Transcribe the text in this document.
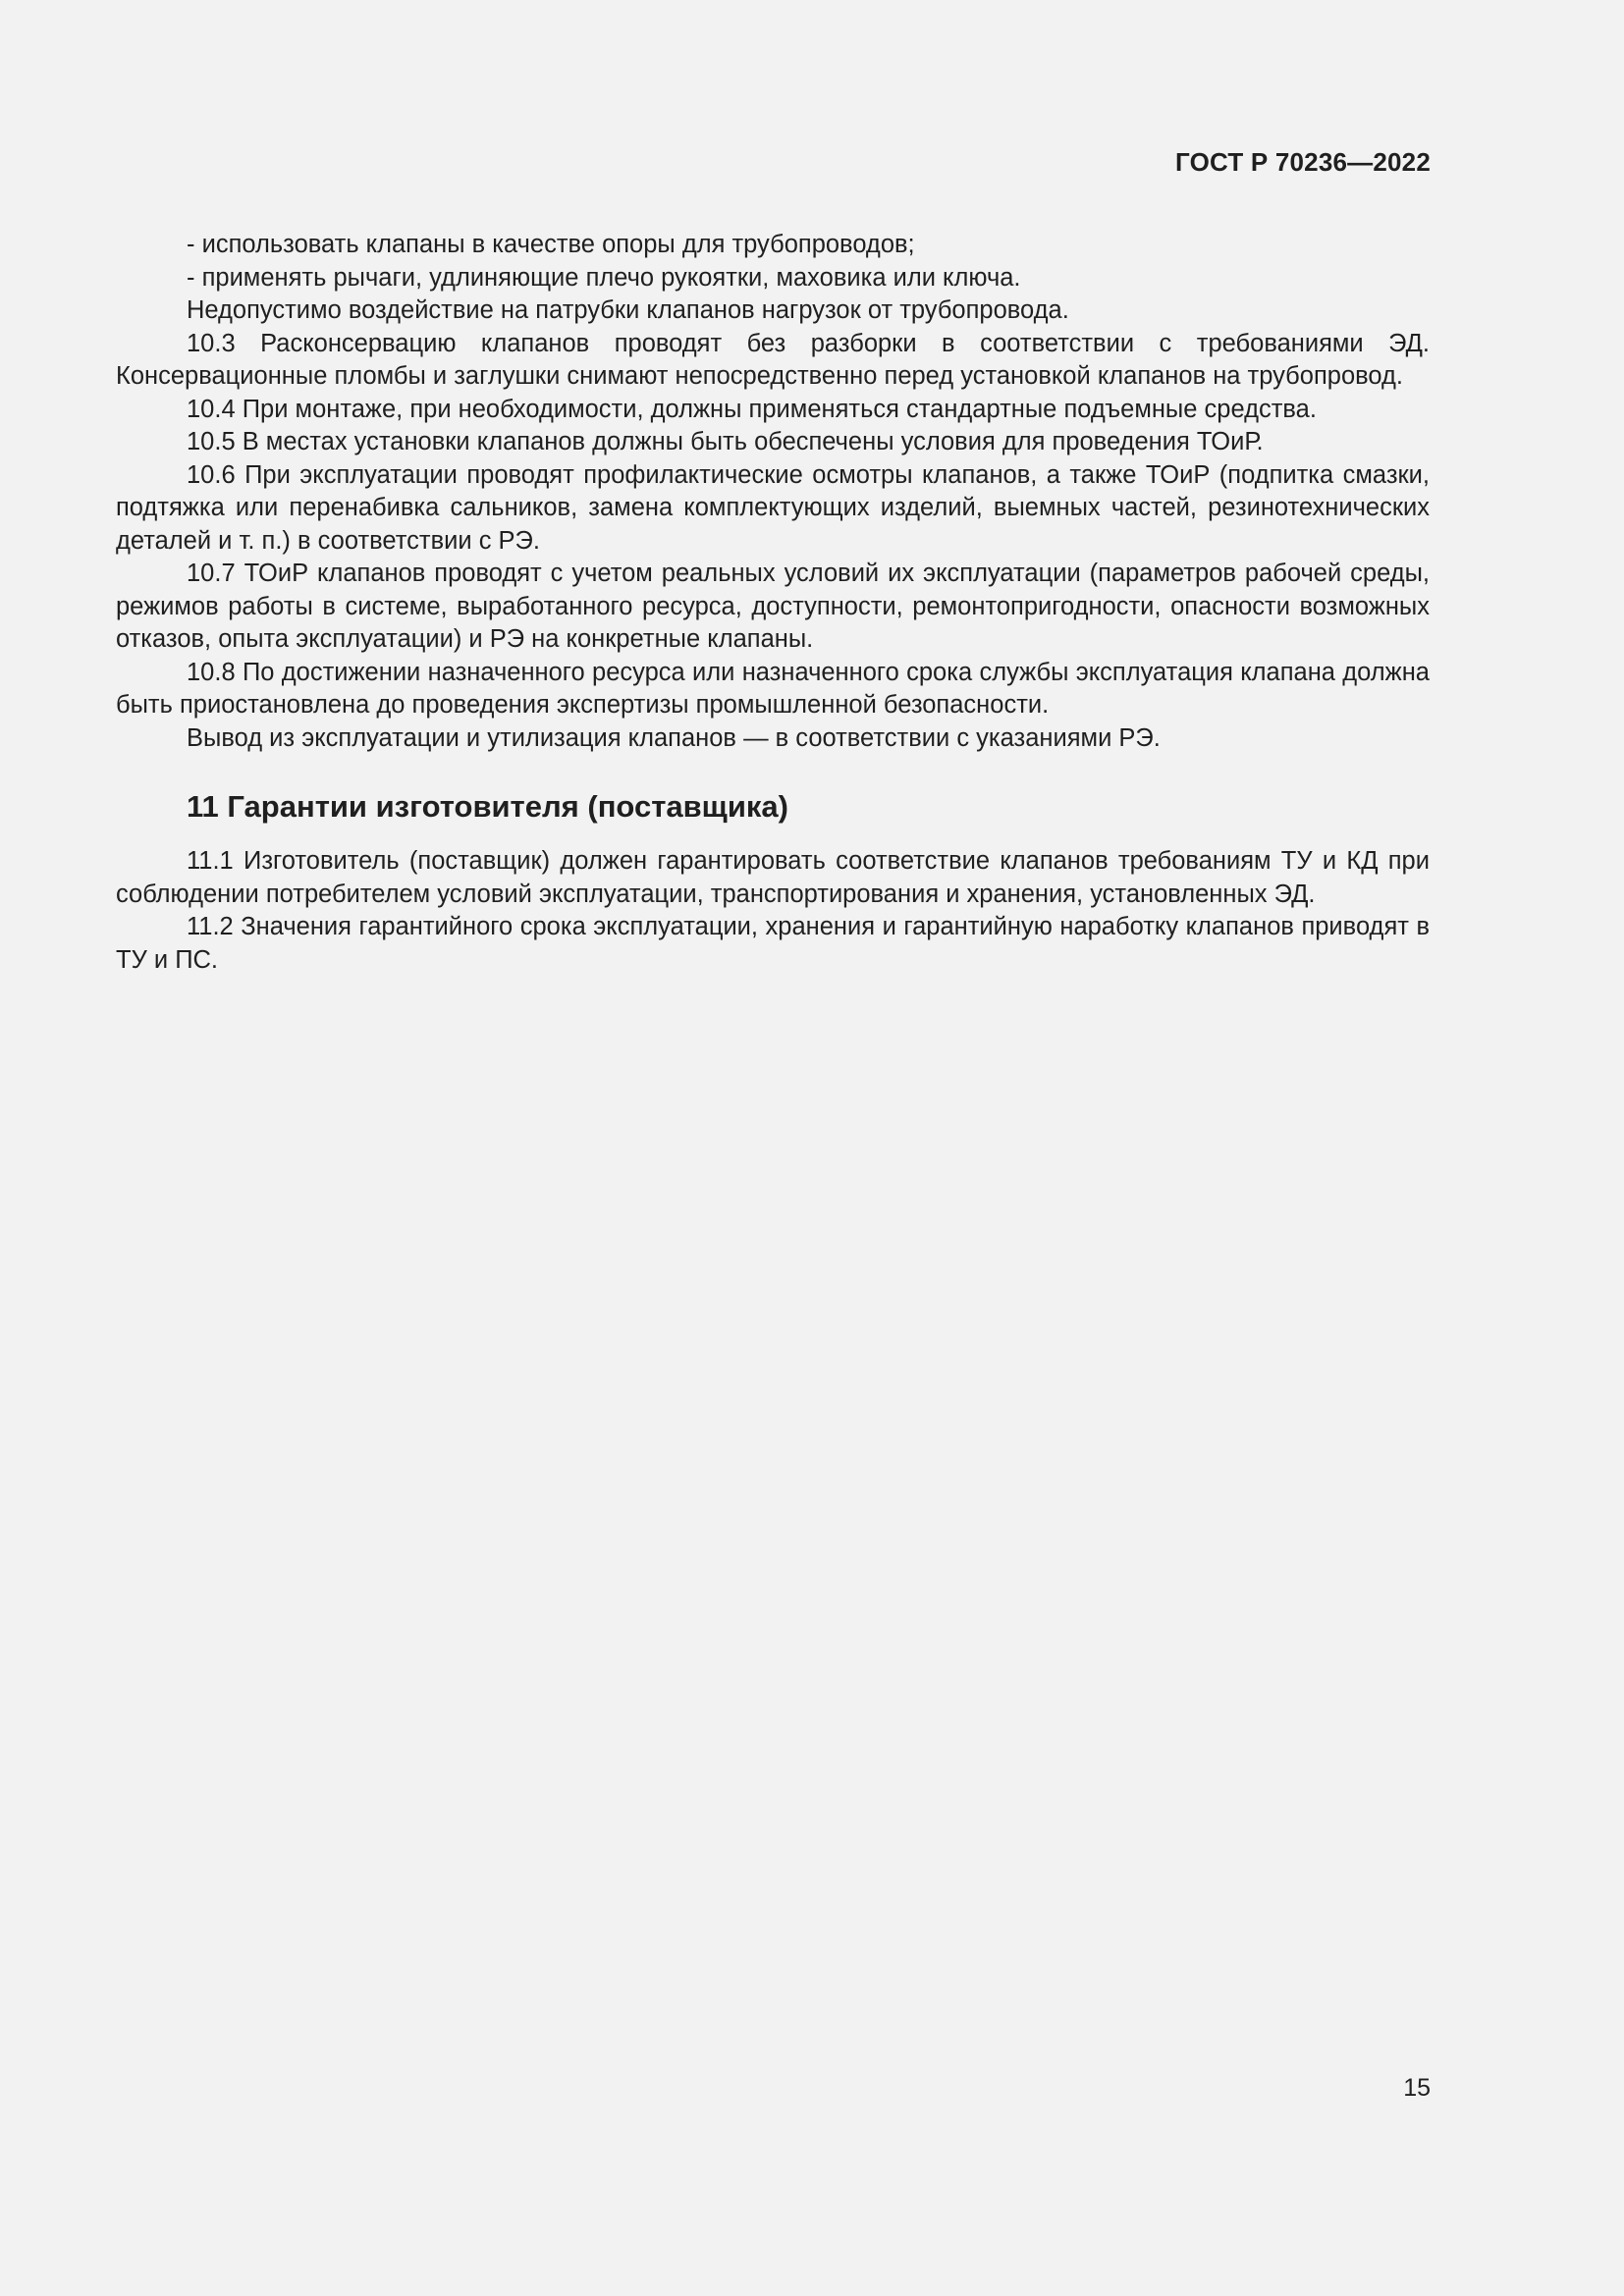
ГОСТ Р 70236—2022

- использовать клапаны в качестве опоры для трубопроводов;

- применять рычаги, удлиняющие плечо рукоятки, маховика или ключа.

Недопустимо воздействие на патрубки клапанов нагрузок от трубопровода.

10.3 Расконсервацию клапанов проводят без разборки в соответствии с требованиями ЭД. Консервационные пломбы и заглушки снимают непосредственно перед установкой клапанов на трубопровод.

10.4 При монтаже, при необходимости, должны применяться стандартные подъемные средства.

10.5 В местах установки клапанов должны быть обеспечены условия для проведения ТОиР.

10.6 При эксплуатации проводят профилактические осмотры клапанов, а также ТОиР (подпитка смазки, подтяжка или перенабивка сальников, замена комплектующих изделий, выемных частей, резинотехнических деталей и т. п.) в соответствии с РЭ.

10.7 ТОиР клапанов проводят с учетом реальных условий их эксплуатации (параметров рабочей среды, режимов работы в системе, выработанного ресурса, доступности, ремонтопригодности, опасности возможных отказов, опыта эксплуатации) и РЭ на конкретные клапаны.

10.8 По достижении назначенного ресурса или назначенного срока службы эксплуатация клапана должна быть приостановлена до проведения экспертизы промышленной безопасности.

Вывод из эксплуатации и утилизация клапанов — в соответствии с указаниями РЭ.

11 Гарантии изготовителя (поставщика)

11.1 Изготовитель (поставщик) должен гарантировать соответствие клапанов требованиям ТУ и КД при соблюдении потребителем условий эксплуатации, транспортирования и хранения, установленных ЭД.

11.2 Значения гарантийного срока эксплуатации, хранения и гарантийную наработку клапанов приводят в ТУ и ПС.

15
